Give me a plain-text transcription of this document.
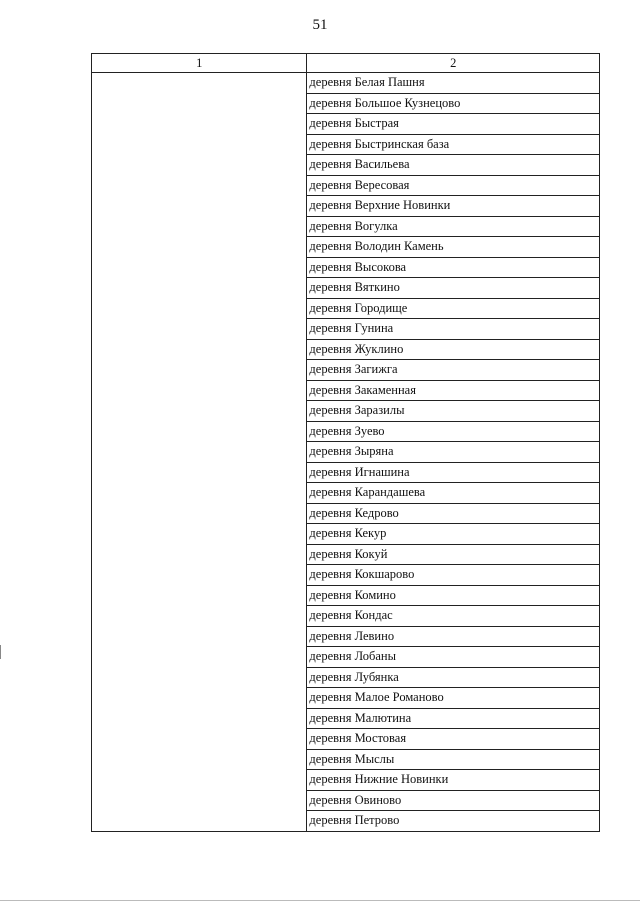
51
1	2
	деревня Белая Пашня
	деревня Большое Кузнецово
	деревня Быстрая
	деревня Быстринская база
	деревня Васильева
	деревня Вересовая
	деревня Верхние Новинки
	деревня Вогулка
	деревня Володин Камень
	деревня Высокова
	деревня Вяткино
	деревня Городище
	деревня Гунина
	деревня Жуклино
	деревня Загижга
	деревня Закаменная
	деревня Заразилы
	деревня Зуево
	деревня Зыряна
	деревня Игнашина
	деревня Карандашева
	деревня Кедрово
	деревня Кекур
	деревня Кокуй
	деревня Кокшарово
	деревня Комино
	деревня Кондас
	деревня Левино
	деревня Лобаны
	деревня Лубянка
	деревня Малое Романово
	деревня Малютина
	деревня Мостовая
	деревня Мыслы
	деревня Нижние Новинки
	деревня Овиново
	деревня Петрово
